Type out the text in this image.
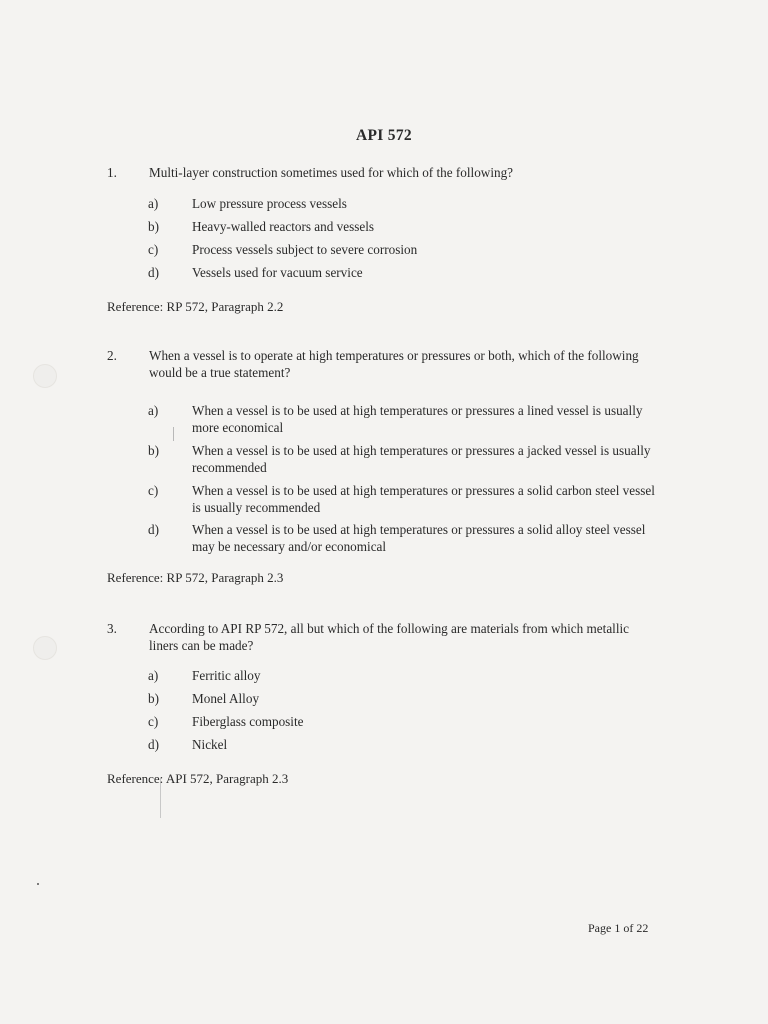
API 572
1. Multi-layer construction sometimes used for which of the following?
a)	Low pressure process vessels
b)	Heavy-walled reactors and vessels
c)	Process vessels subject to severe corrosion
d)	Vessels used for vacuum service
Reference: RP 572, Paragraph 2.2
2. When a vessel is to operate at high temperatures or pressures or both, which of the following would be a true statement?
a)	When a vessel is to be used at high temperatures or pressures a lined vessel is usually more economical
b)	When a vessel is to be used at high temperatures or pressures a jacked vessel is usually recommended
c)	When a vessel is to be used at high temperatures or pressures a solid carbon steel vessel is usually recommended
d)	When a vessel is to be used at high temperatures or pressures a solid alloy steel vessel may be necessary and/or economical
Reference: RP 572, Paragraph 2.3
3. According to API RP 572, all but which of the following are materials from which metallic liners can be made?
a)	Ferritic alloy
b)	Monel Alloy
c)	Fiberglass composite
d)	Nickel
Reference: API 572, Paragraph 2.3
Page 1 of 22
